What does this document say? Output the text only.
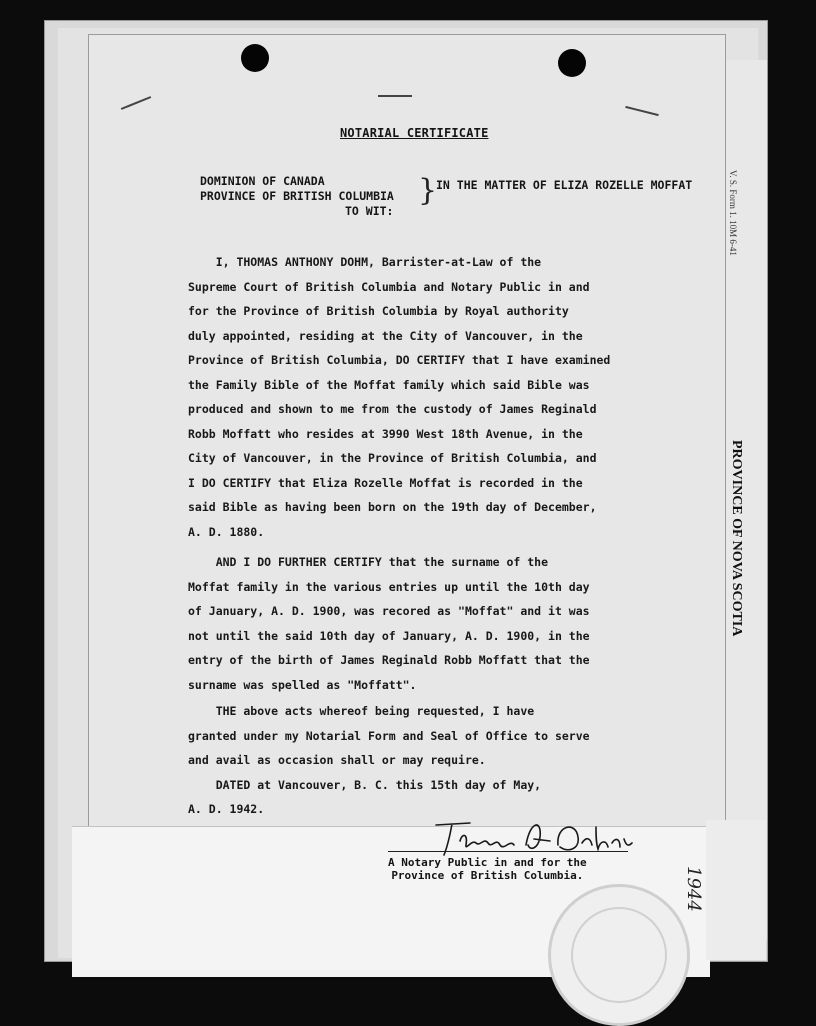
NOTARIAL CERTIFICATE
DOMINION OF CANADA
PROVINCE OF BRITISH COLUMBIA
TO WIT:
}
IN THE MATTER OF ELIZA ROZELLE MOFFAT	V. S. Form 1. 10M 6-41
PROVINCE OF NOVA SCOTIA
I, THOMAS ANTHONY DOHM, Barrister-at-Law of the
Supreme Court of British Columbia and Notary Public in and
for the Province of British Columbia by Royal authority
duly appointed, residing at the City of Vancouver, in the
Province of British Columbia, DO CERTIFY that I have examined
the Family Bible of the Moffat family which said Bible was
produced and shown to me from the custody of James Reginald
Robb Moffatt who resides at 3990 West 18th Avenue, in the
City of Vancouver, in the Province of British Columbia, and
I DO CERTIFY that Eliza Rozelle Moffat is recorded in the
said Bible as having been born on the 19th day of December,
A. D. 1880.
AND I DO FURTHER CERTIFY that the surname of the
Moffat family in the various entries up until the 10th day
of January, A. D. 1900, was recored as "Moffat" and it was
not until the said 10th day of January, A. D. 1900, in the
entry of the birth of James Reginald Robb Moffatt that the
surname was spelled as "Moffatt".
THE above acts whereof being requested, I have
granted under my Notarial Form and Seal of Office to serve
and avail as occasion shall or may require.
DATED at Vancouver, B. C. this 15th day of May,
A. D. 1942.
A Notary Public in and for the
Province of British Columbia.	1944
